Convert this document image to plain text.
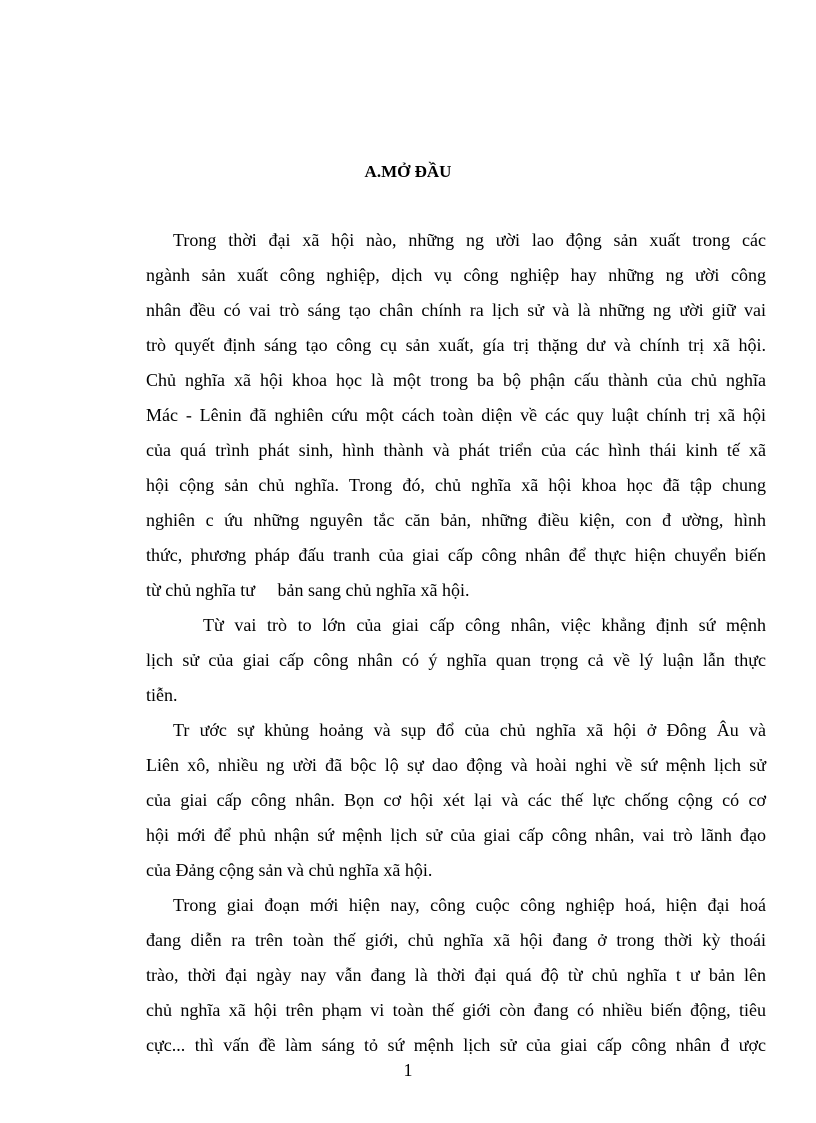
A.MỞ ĐẦU

Trong thời đại xã hội nào, những ng ười lao động sản xuất trong các

ngành sản xuất công nghiệp, dịch vụ công nghiệp hay những ng ười công

nhân đều có vai trò sáng tạo chân chính ra lịch sử và là những ng ười giữ vai

trò quyết định sáng tạo công cụ sản xuất, gía trị thặng dư và chính trị xã hội.

Chủ nghĩa xã hội khoa học là một trong ba bộ phận cấu thành của chủ nghĩa

Mác - Lênin đã nghiên cứu một cách toàn diện về các quy luật chính trị xã hội

của quá trình phát sinh, hình thành và phát triển của các hình thái kinh tế xã

hội cộng sản chủ nghĩa. Trong đó, chủ nghĩa xã hội khoa học đã tập chung

nghiên c ứu những nguyên tắc căn bản, những điều kiện, con đ ường, hình

thức, phương pháp đấu tranh của giai cấp công nhân để thực hiện chuyển biến

từ chủ nghĩa tư     bản sang chủ nghĩa xã hội.

Từ vai trò to lớn của giai cấp công nhân, việc khẳng định sứ mệnh

lịch sử của giai cấp công nhân có ý nghĩa quan trọng cả về lý luận lẫn thực

tiễn.

Tr ước sự khủng hoảng và sụp đổ của chủ nghĩa xã hội ở Đông Âu và

Liên xô, nhiều ng ười đã bộc lộ sự dao động và hoài nghi về sứ mệnh lịch sử

của giai cấp công nhân. Bọn cơ hội xét lại và các thế lực chống cộng có cơ

hội mới để phủ nhận sứ mệnh lịch sử của giai cấp công nhân, vai trò lãnh đạo

của Đảng cộng sản và chủ nghĩa xã hội.

Trong giai đoạn mới hiện nay, công cuộc công nghiệp hoá, hiện đại hoá

đang diễn ra trên toàn thế giới, chủ nghĩa xã hội đang ở trong thời kỳ thoái

trào, thời đại ngày nay vẫn đang là thời đại quá độ từ chủ nghĩa t ư bản lên

chủ nghĩa xã hội trên phạm vi toàn thế giới còn đang có nhiều biến động, tiêu

cực... thì vấn đề làm sáng tỏ sứ mệnh lịch sử của giai cấp công nhân đ ược

1
